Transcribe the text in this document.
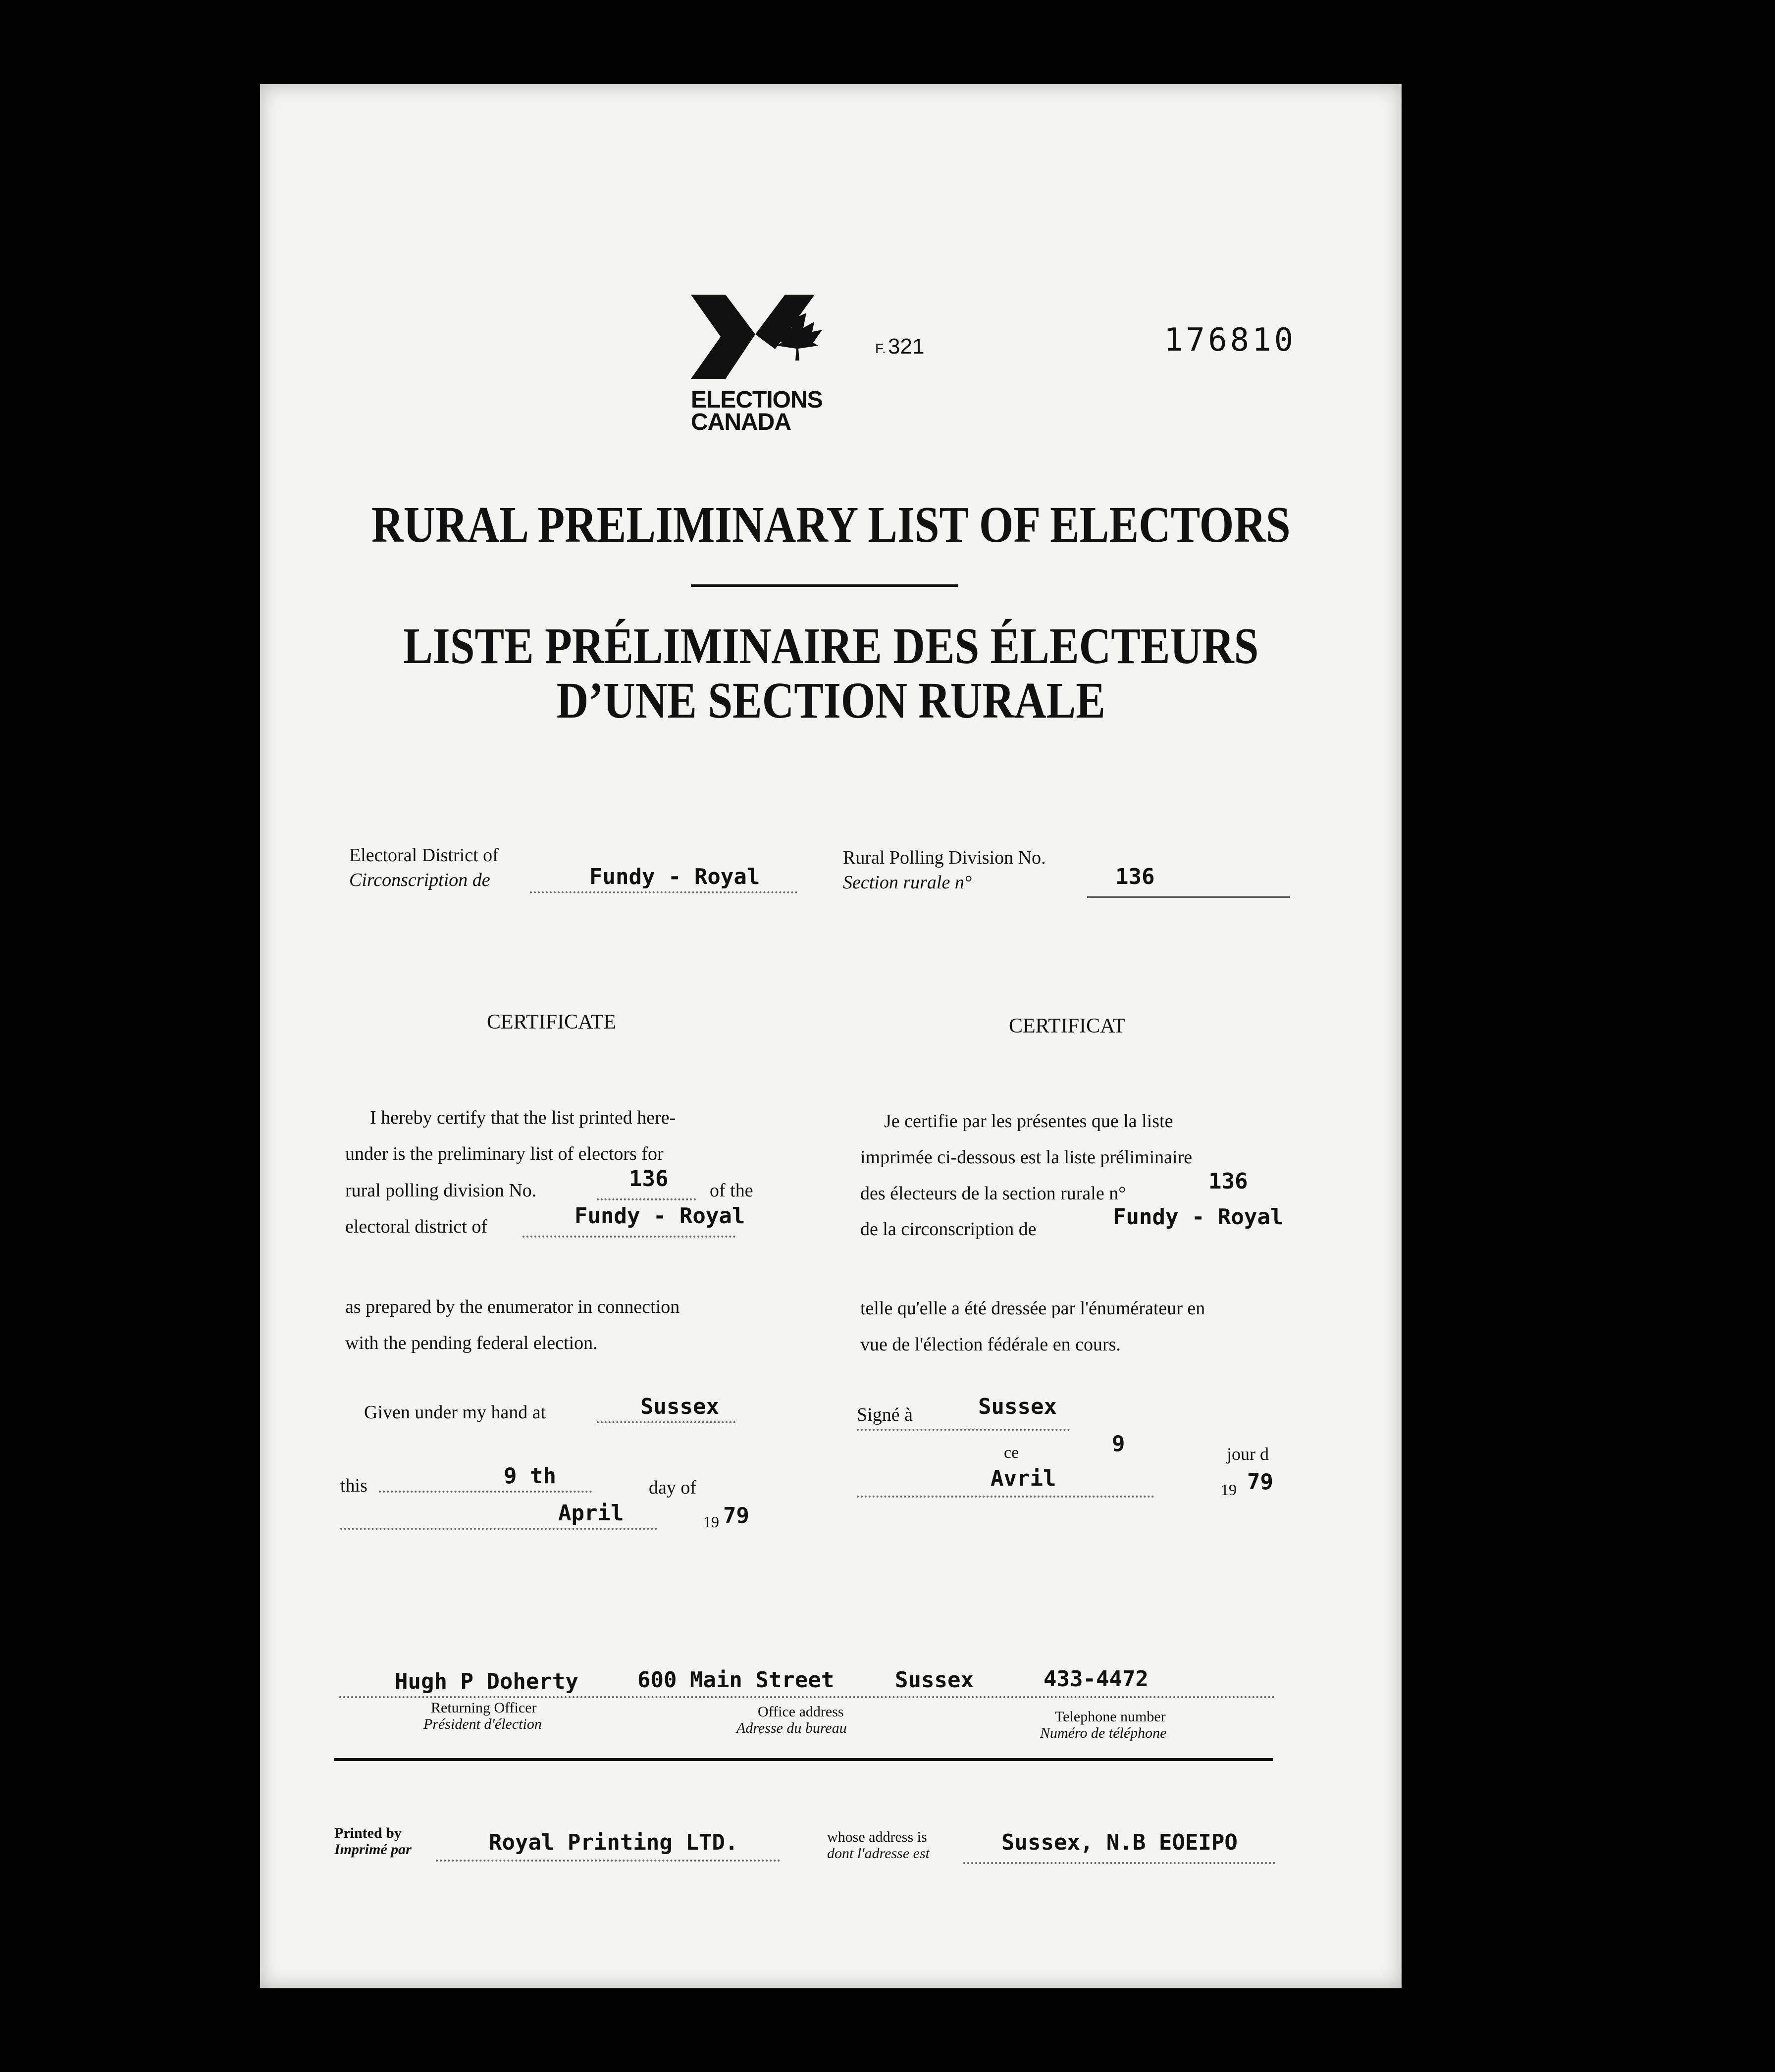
ELECTIONS
CANADA
F. 321	176810
RURAL PRELIMINARY LIST OF ELECTORS
LISTE PRÉLIMINAIRE DES ÉLECTEURS
D’UNE SECTION RURALE
Electoral District of
Circonscription de	Fundy - Royal
Rural Polling Division No.
Section rurale n°	136
CERTIFICATE
I hereby certify that the list printed here-
under is the preliminary list of electors for
rural polling division No.	136 of the
electoral district of	Fundy - Royal
as prepared by the enumerator in connection
with the pending federal election.
Given under my hand at	Sussex
this	9 th	day of
April	19 79
CERTIFICAT
Je certifie par les présentes que la liste
imprimée ci-dessous est la liste préliminaire
des électeurs de la section rurale n°	136
de la circonscription de	Fundy - Royal
telle qu'elle a été dressée par l'énumérateur en
vue de l'élection fédérale en cours.
Signé à	Sussex
ce	9	jour d
Avril	19 79
Hugh P Doherty	600 Main Street	Sussex	433-4472
Returning Officer
Président d'élection
Office address
Adresse du bureau
Telephone number
Numéro de téléphone
Printed by
Imprimé par	Royal Printing LTD.	whose address is
dont l'adresse est	Sussex, N.B EOEIPO
